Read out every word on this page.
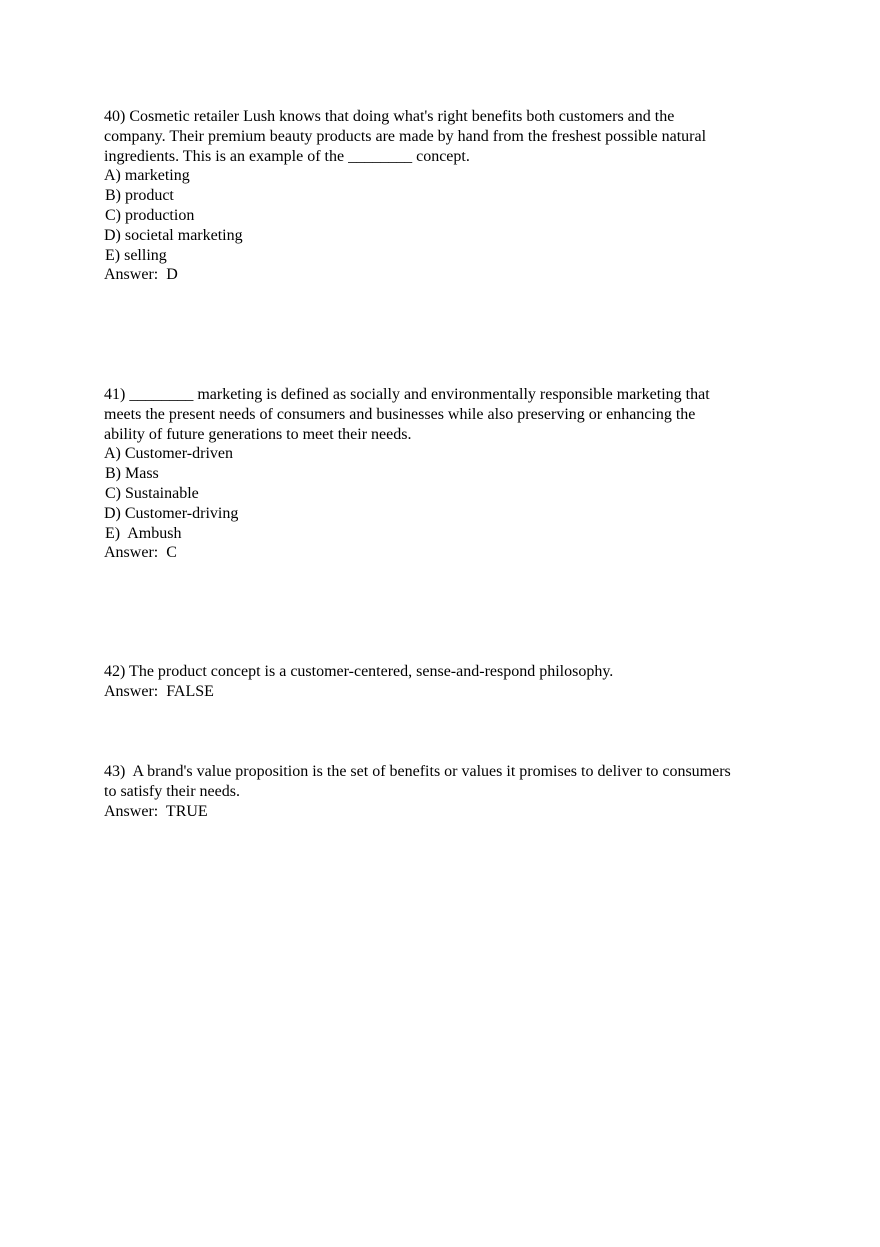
40) Cosmetic retailer Lush knows that doing what's right benefits both customers and the
company. Their premium beauty products are made by hand from the freshest possible natural
ingredients. This is an example of the ________ concept.
A) marketing
B) product
C) production
D) societal marketing
E) selling
Answer:  D
41) ________ marketing is defined as socially and environmentally responsible marketing that
meets the present needs of consumers and businesses while also preserving or enhancing the
ability of future generations to meet their needs.
A) Customer-driven
B) Mass
C) Sustainable
D) Customer-driving
E)  Ambush
Answer:  C
42) The product concept is a customer-centered, sense-and-respond philosophy.
Answer:  FALSE
43)  A brand's value proposition is the set of benefits or values it promises to deliver to consumers
to satisfy their needs.
Answer:  TRUE
